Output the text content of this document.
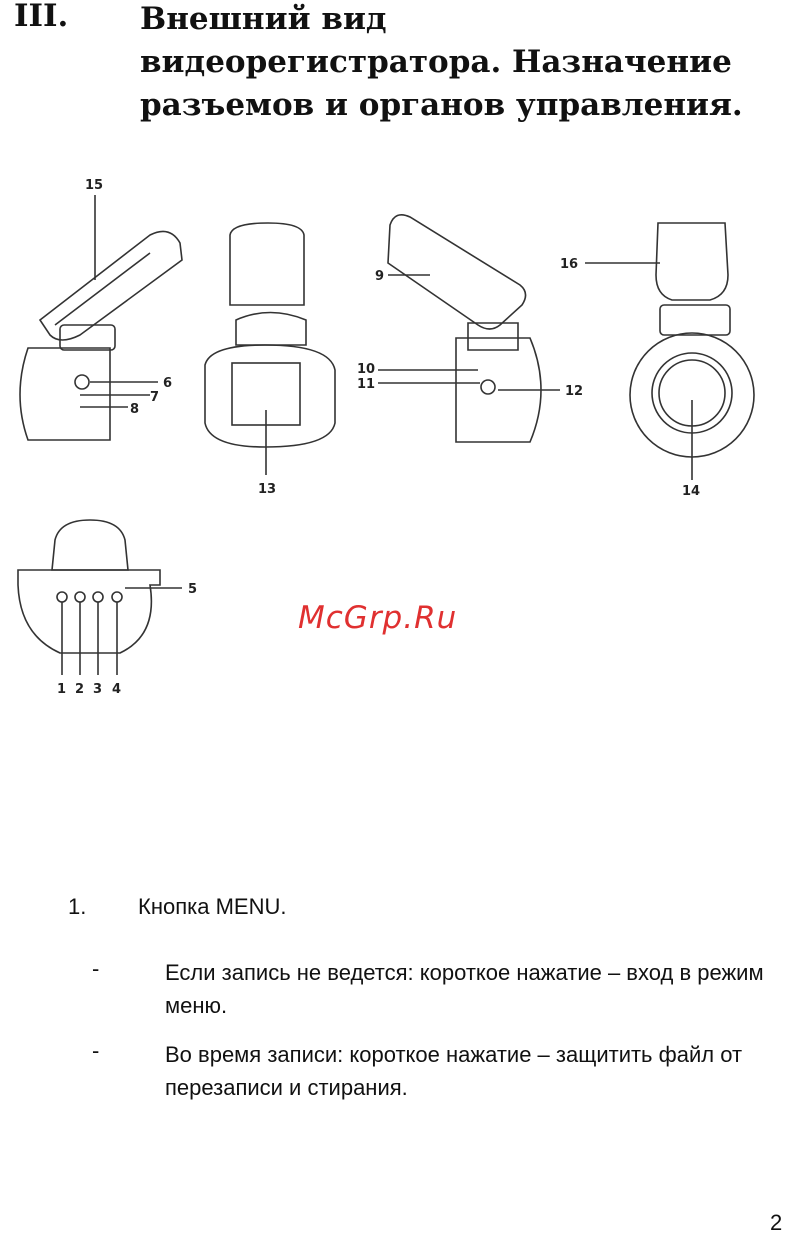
III. Внешний вид
видеорегистратора. Назначение
разъемов и органов управления.
15
6
7
8
13
9
10
11	12
16
14
5
1 2 3 4
McGrp.Ru
1. Кнопка MENU.
-	Если запись не ведется: короткое нажатие – вход в режим меню.
-	Во время записи: короткое нажатие – защитить файл от перезаписи и стирания.
2
